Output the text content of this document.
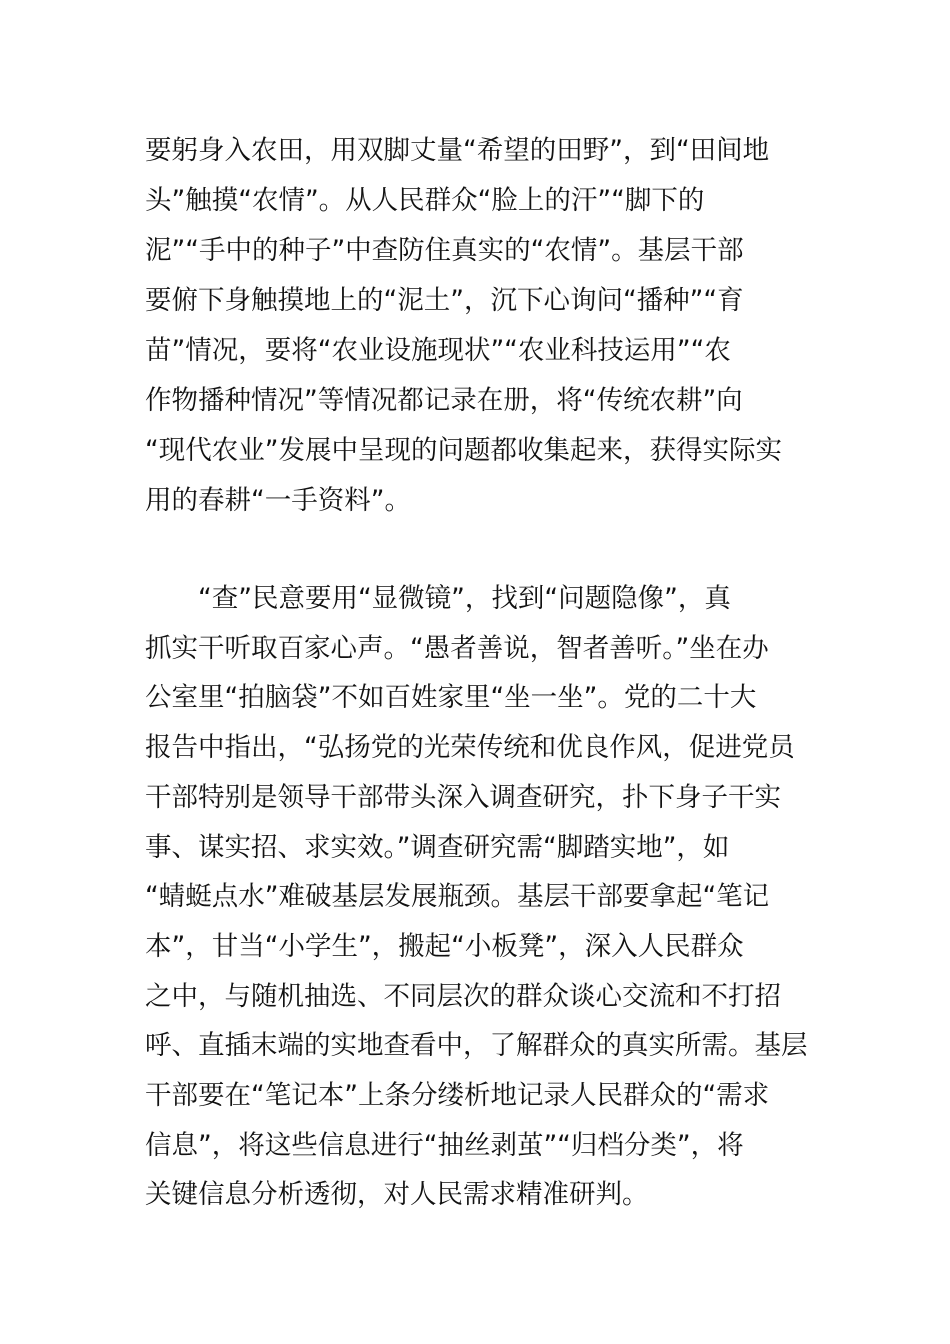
要躬身入农田，用双脚丈量“希望的田野”，到“田间地
头”触摸“农情”。从人民群众“脸上的汗”“脚下的
泥”“手中的种子”中查防住真实的“农情”。基层干部
要俯下身触摸地上的“泥土”，沉下心询问“播种”“育
苗”情况，要将“农业设施现状”“农业科技运用”“农
作物播种情况”等情况都记录在册，将“传统农耕”向
“现代农业”发展中呈现的问题都收集起来，获得实际实
用的春耕“一手资料”。
“查”民意要用“显微镜”，找到“问题隐像”，真
抓实干听取百家心声。“愚者善说，智者善听。”坐在办
公室里“拍脑袋”不如百姓家里“坐一坐”。党的二十大
报告中指出，“弘扬党的光荣传统和优良作风，促进党员
干部特别是领导干部带头深入调查研究，扑下身子干实
事、谋实招、求实效。”调查研究需“脚踏实地”，如
“蜻蜓点水”难破基层发展瓶颈。基层干部要拿起“笔记
本”，甘当“小学生”，搬起“小板凳”，深入人民群众
之中，与随机抽选、不同层次的群众谈心交流和不打招
呼、直插末端的实地查看中，了解群众的真实所需。基层
干部要在“笔记本”上条分缕析地记录人民群众的“需求
信息”，将这些信息进行“抽丝剥茧”“归档分类”，将
关键信息分析透彻，对人民需求精准研判。
